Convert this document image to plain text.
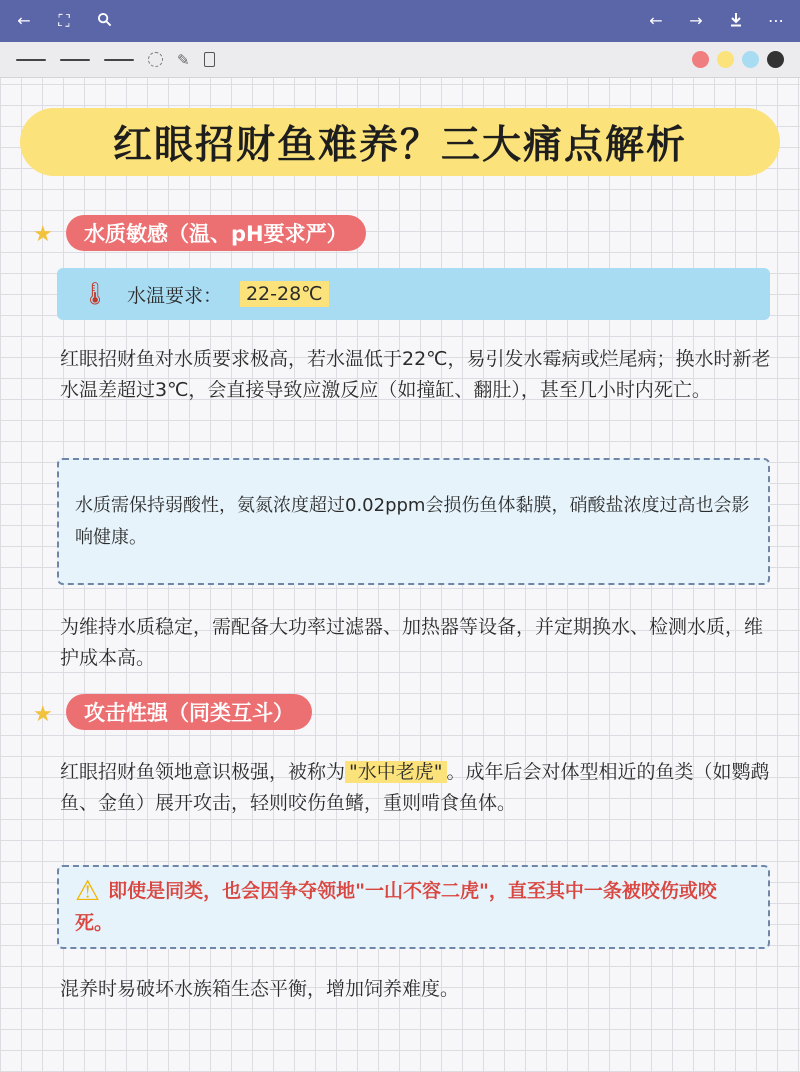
← ⛶	← →	⋯
✎
红眼招财鱼难养？三大痛点解析
★	水质敏感（温、pH要求严）
🌡 水温要求：	22-28℃
红眼招财鱼对水质要求极高，若水温低于22℃，易引发水霉病或烂尾病；换水时新老水温差超过3℃，会直接导致应激反应（如撞缸、翻肚），甚至几小时内死亡。
水质需保持弱酸性，氨氮浓度超过0.02ppm会损伤鱼体黏膜，硝酸盐浓度过高也会影响健康。
为维持水质稳定，需配备大功率过滤器、加热器等设备，并定期换水、检测水质，维护成本高。
★	攻击性强（同类互斗）
红眼招财鱼领地意识极强，被称为 "水中老虎" 。成年后会对体型相近的鱼类（如鹦鹉鱼、金鱼）展开攻击，轻则咬伤鱼鳍，重则啃食鱼体。
⚠ 即使是同类，也会因争夺领地"一山不容二虎"，直至其中一条被咬伤或咬死。
混养时易破坏水族箱生态平衡，增加饲养难度。
